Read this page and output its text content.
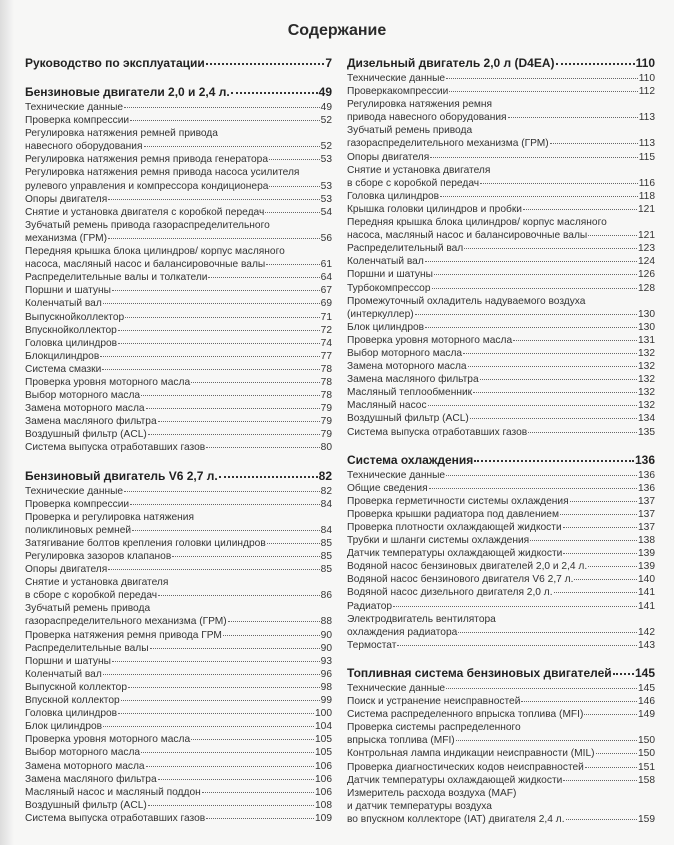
Содержание
Руководство по эксплуатации	7
Бензиновые двигатели 2,0 и 2,4 л.	49
Технические данные	49
Проверка компрессии	52
Регулировка натяжения ремней привода
навесного оборудования	52
Регулировка натяжения ремня привода генератора	53
Регулировка натяжения ремня привода насоса усилителя
рулевого управления и компрессора кондиционера	53
Опоры двигателя	53
Снятие и установка двигателя с коробкой передач	54
Зубчатый ремень привода газораспределительного
механизма (ГРМ)	56
Передняя крышка блока цилиндров/ корпус масляного
насоса, масляный насос и балансировочные валы	61
Распределительные валы и толкатели	64
Поршни и шатуны	67
Коленчатый вал	69
Выпускнойколлектор	71
Впускнойколлектор	72
Головка цилиндров	74
Блокцилиндров	77
Система смазки	78
Проверка уровня моторного масла	78
Выбор моторного масла	78
Замена моторного масла	79
Замена масляного фильтра	79
Воздушный фильтр (ACL)	79
Система выпуска отработавших газов	80
Бензиновый двигатель V6 2,7 л.	82
Технические данные	82
Проверка компрессии	84
Проверка и регулировка натяжения
поликлиновых ремней	84
Затягивание болтов крепления головки цилиндров	85
Регулировка зазоров клапанов	85
Опоры двигателя	85
Снятие и установка двигателя
в сборе с коробкой передач	86
Зубчатый ремень привода
газораспределительного механизма (ГРМ)	88
Проверка натяжения ремня привода ГРМ	90
Распределительные валы	90
Поршни и шатуны	93
Коленчатый вал	96
Выпускной коллектор	98
Впускной коллектор	99
Головка цилиндров	100
Блок цилиндров	104
Проверка уровня моторного масла	105
Выбор моторного масла	105
Замена моторного масла	106
Замена масляного фильтра	106
Масляный насос и масляный поддон	106
Воздушный фильтр (ACL)	108
Система выпуска отработавших газов	109
Дизельный двигатель 2,0 л (D4EA)	110
Технические данные	110
Проверкакомпрессии	112
Регулировка натяжения ремня
привода навесного оборудования	113
Зубчатый ремень привода
газораспределительного механизма (ГРМ)	113
Опоры двигателя	115
Снятие и установка двигателя
в сборе с коробкой передач	116
Головка цилиндров	118
Крышка головки цилиндров и пробки	121
Передняя крышка блока цилиндров/ корпус масляного
насоса, масляный насос и балансировочные валы	121
Распределительный вал	123
Коленчатый вал	124
Поршни и шатуны	126
Турбокомпрессор	128
Промежуточный охладитель надуваемого воздуха
(интеркуллер)	130
Блок цилиндров	130
Проверка уровня моторного масла	131
Выбор моторного масла	132
Замена моторного масла	132
Замена масляного фильтра	132
Масляный теплообменник	132
Масляный насос	132
Воздушный фильтр (ACL)	134
Система выпуска отработавших газов	135
Система охлаждения	136
Технические данные	136
Общие сведения	136
Проверка герметичности системы охлаждения	137
Проверка крышки радиатора под давлением	137
Проверка плотности охлаждающей жидкости	137
Трубки и шланги системы охлаждения	138
Датчик температуры охлаждающей жидкости	139
Водяной насос бензиновых двигателей 2,0 и 2,4 л.	139
Водяной насос бензинового двигателя V6 2,7 л.	140
Водяной насос дизельного двигателя 2,0 л.	141
Радиатор	141
Электродвигатель вентилятора
охлаждения радиатора	142
Термостат	143
Топливная система бензиновых двигателей 145
Технические данные	145
Поиск и устранение неисправностей	146
Система распределенного впрыска топлива (MFI)	149
Проверка системы распределенного
впрыска топлива (MFI)	150
Контрольная лампа индикации неисправности (MIL)	150
Проверка диагностических кодов неисправностей	151
Датчик температуры охлаждающей жидкости	158
Измеритель расхода воздуха (MAF)
и датчик температуры воздуха
во впускном коллекторе (IAT) двигателя 2,4 л.	159
